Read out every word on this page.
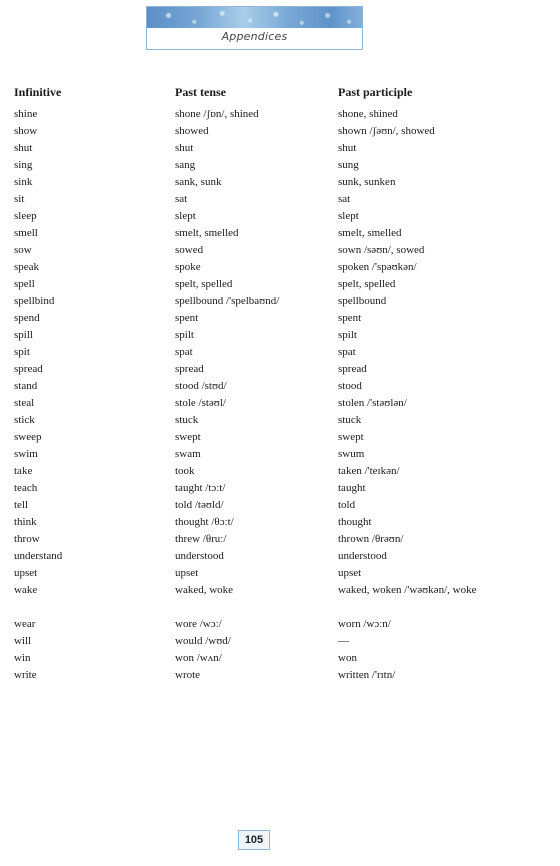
Appendices
Infinitive	Past tense	Past participle
shine	shone /ʃɒn/, shined	shone, shined
show	showed	shown /ʃəʊn/, showed
shut	shut	shut
sing	sang	sung
sink	sank, sunk	sunk, sunken
sit	sat	sat
sleep	slept	slept
smell	smelt, smelled	smelt, smelled
sow	sowed	sown /səʊn/, sowed
speak	spoke	spoken /'spəʊkən/
spell	spelt, spelled	spelt, spelled
spellbind	spellbound /'spelbaʊnd/	spellbound
spend	spent	spent
spill	spilt	spilt
spit	spat	spat
spread	spread	spread
stand	stood /stʊd/	stood
steal	stole /stəʊl/	stolen /'stəʊlən/
stick	stuck	stuck
sweep	swept	swept
swim	swam	swum
take	took	taken /'teɪkən/
teach	taught /tɔːt/	taught
tell	told /təʊld/	told
think	thought /θɔːt/	thought
throw	threw /θruː/	thrown /θrəʊn/
understand	understood	understood
upset	upset	upset
wake	waked, woke	waked, woken /'wəʊkən/, woke
wear	wore /wɔː/	worn /wɔːn/
will	would /wʊd/	—
win	won /wʌn/	won
write	wrote	written /'rɪtn/
105
